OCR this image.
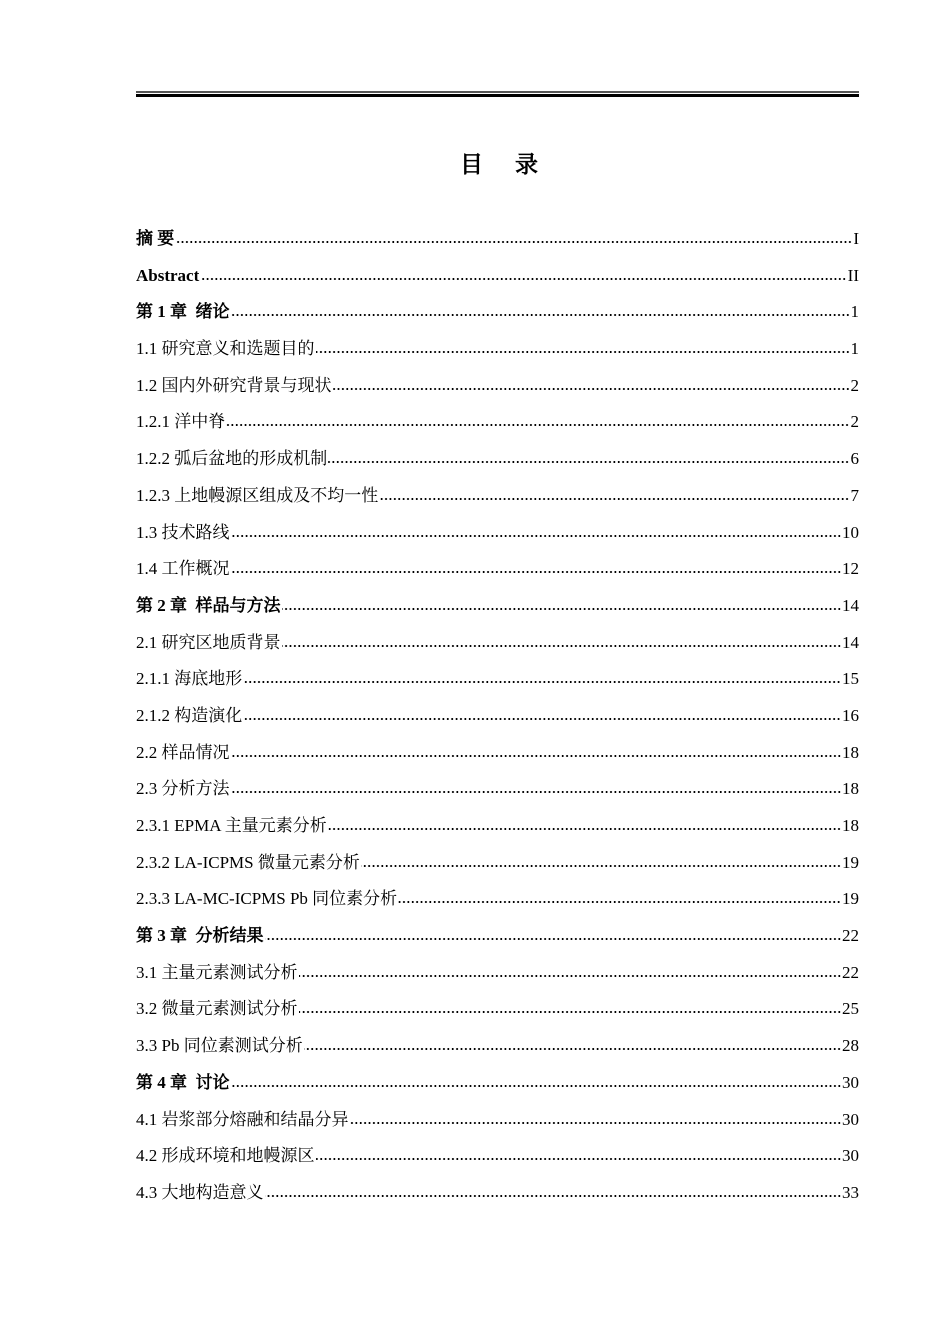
目 录
摘 要	I
Abstract	II
第 1 章 绪论	1
1.1 研究意义和选题目的	1
1.2 国内外研究背景与现状	2
1.2.1 洋中脊	2
1.2.2 弧后盆地的形成机制	6
1.2.3 上地幔源区组成及不均一性	7
1.3 技术路线	10
1.4 工作概况	12
第 2 章 样品与方法	14
2.1 研究区地质背景	14
2.1.1 海底地形	15
2.1.2 构造演化	16
2.2 样品情况	18
2.3 分析方法	18
2.3.1 EPMA 主量元素分析	18
2.3.2 LA-ICPMS 微量元素分析	19
2.3.3 LA-MC-ICPMS Pb 同位素分析	19
第 3 章 分析结果	22
3.1 主量元素测试分析	22
3.2 微量元素测试分析	25
3.3 Pb 同位素测试分析	28
第 4 章 讨论	30
4.1 岩浆部分熔融和结晶分异	30
4.2 形成环境和地幔源区	30
4.3 大地构造意义	33
